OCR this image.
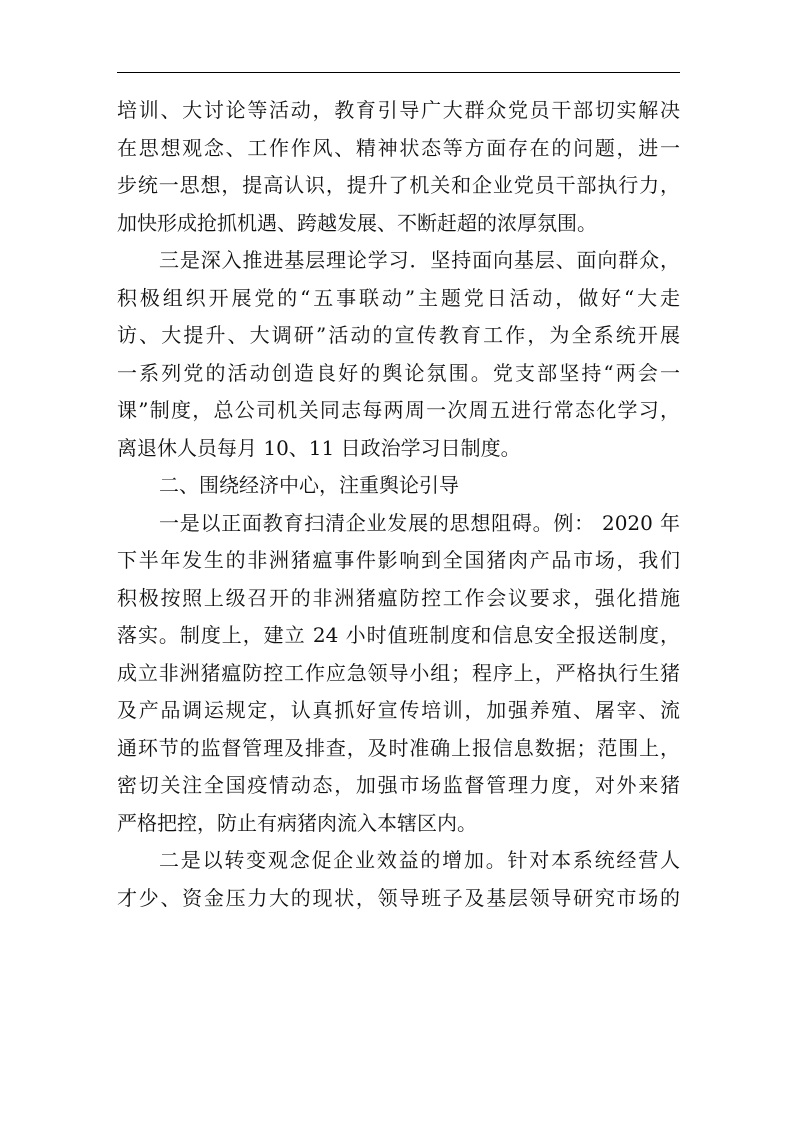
培训、大讨论等活动，教育引导广大群众党员干部切实解决
在思想观念、工作作风、精神状态等方面存在的问题，进一
步统一思想，提高认识，提升了机关和企业党员干部执行力，
加快形成抢抓机遇、跨越发展、不断赶超的浓厚氛围。
三是深入推进基层理论学习．坚持面向基层、面向群众，
积极组织开展党的“五事联动”主题党日活动，做好“大走
访、大提升、大调研”活动的宣传教育工作，为全系统开展
一系列党的活动创造良好的舆论氛围。党支部坚持“两会一
课”制度，总公司机关同志每两周一次周五进行常态化学习，
离退休人员每月 10、11 日政治学习日制度。
二、围绕经济中心，注重舆论引导
一是以正面教育扫清企业发展的思想阻碍。例： 2020 年
下半年发生的非洲猪瘟事件影响到全国猪肉产品市场，我们
积极按照上级召开的非洲猪瘟防控工作会议要求，强化措施
落实。制度上，建立 24 小时值班制度和信息安全报送制度，
成立非洲猪瘟防控工作应急领导小组；程序上，严格执行生猪
及产品调运规定，认真抓好宣传培训，加强养殖、屠宰、流
通环节的监督管理及排查，及时准确上报信息数据；范围上，
密切关注全国疫情动态，加强市场监督管理力度，对外来猪
严格把控，防止有病猪肉流入本辖区内。
二是以转变观念促企业效益的增加。针对本系统经营人
才少、资金压力大的现状，领导班子及基层领导研究市场的
